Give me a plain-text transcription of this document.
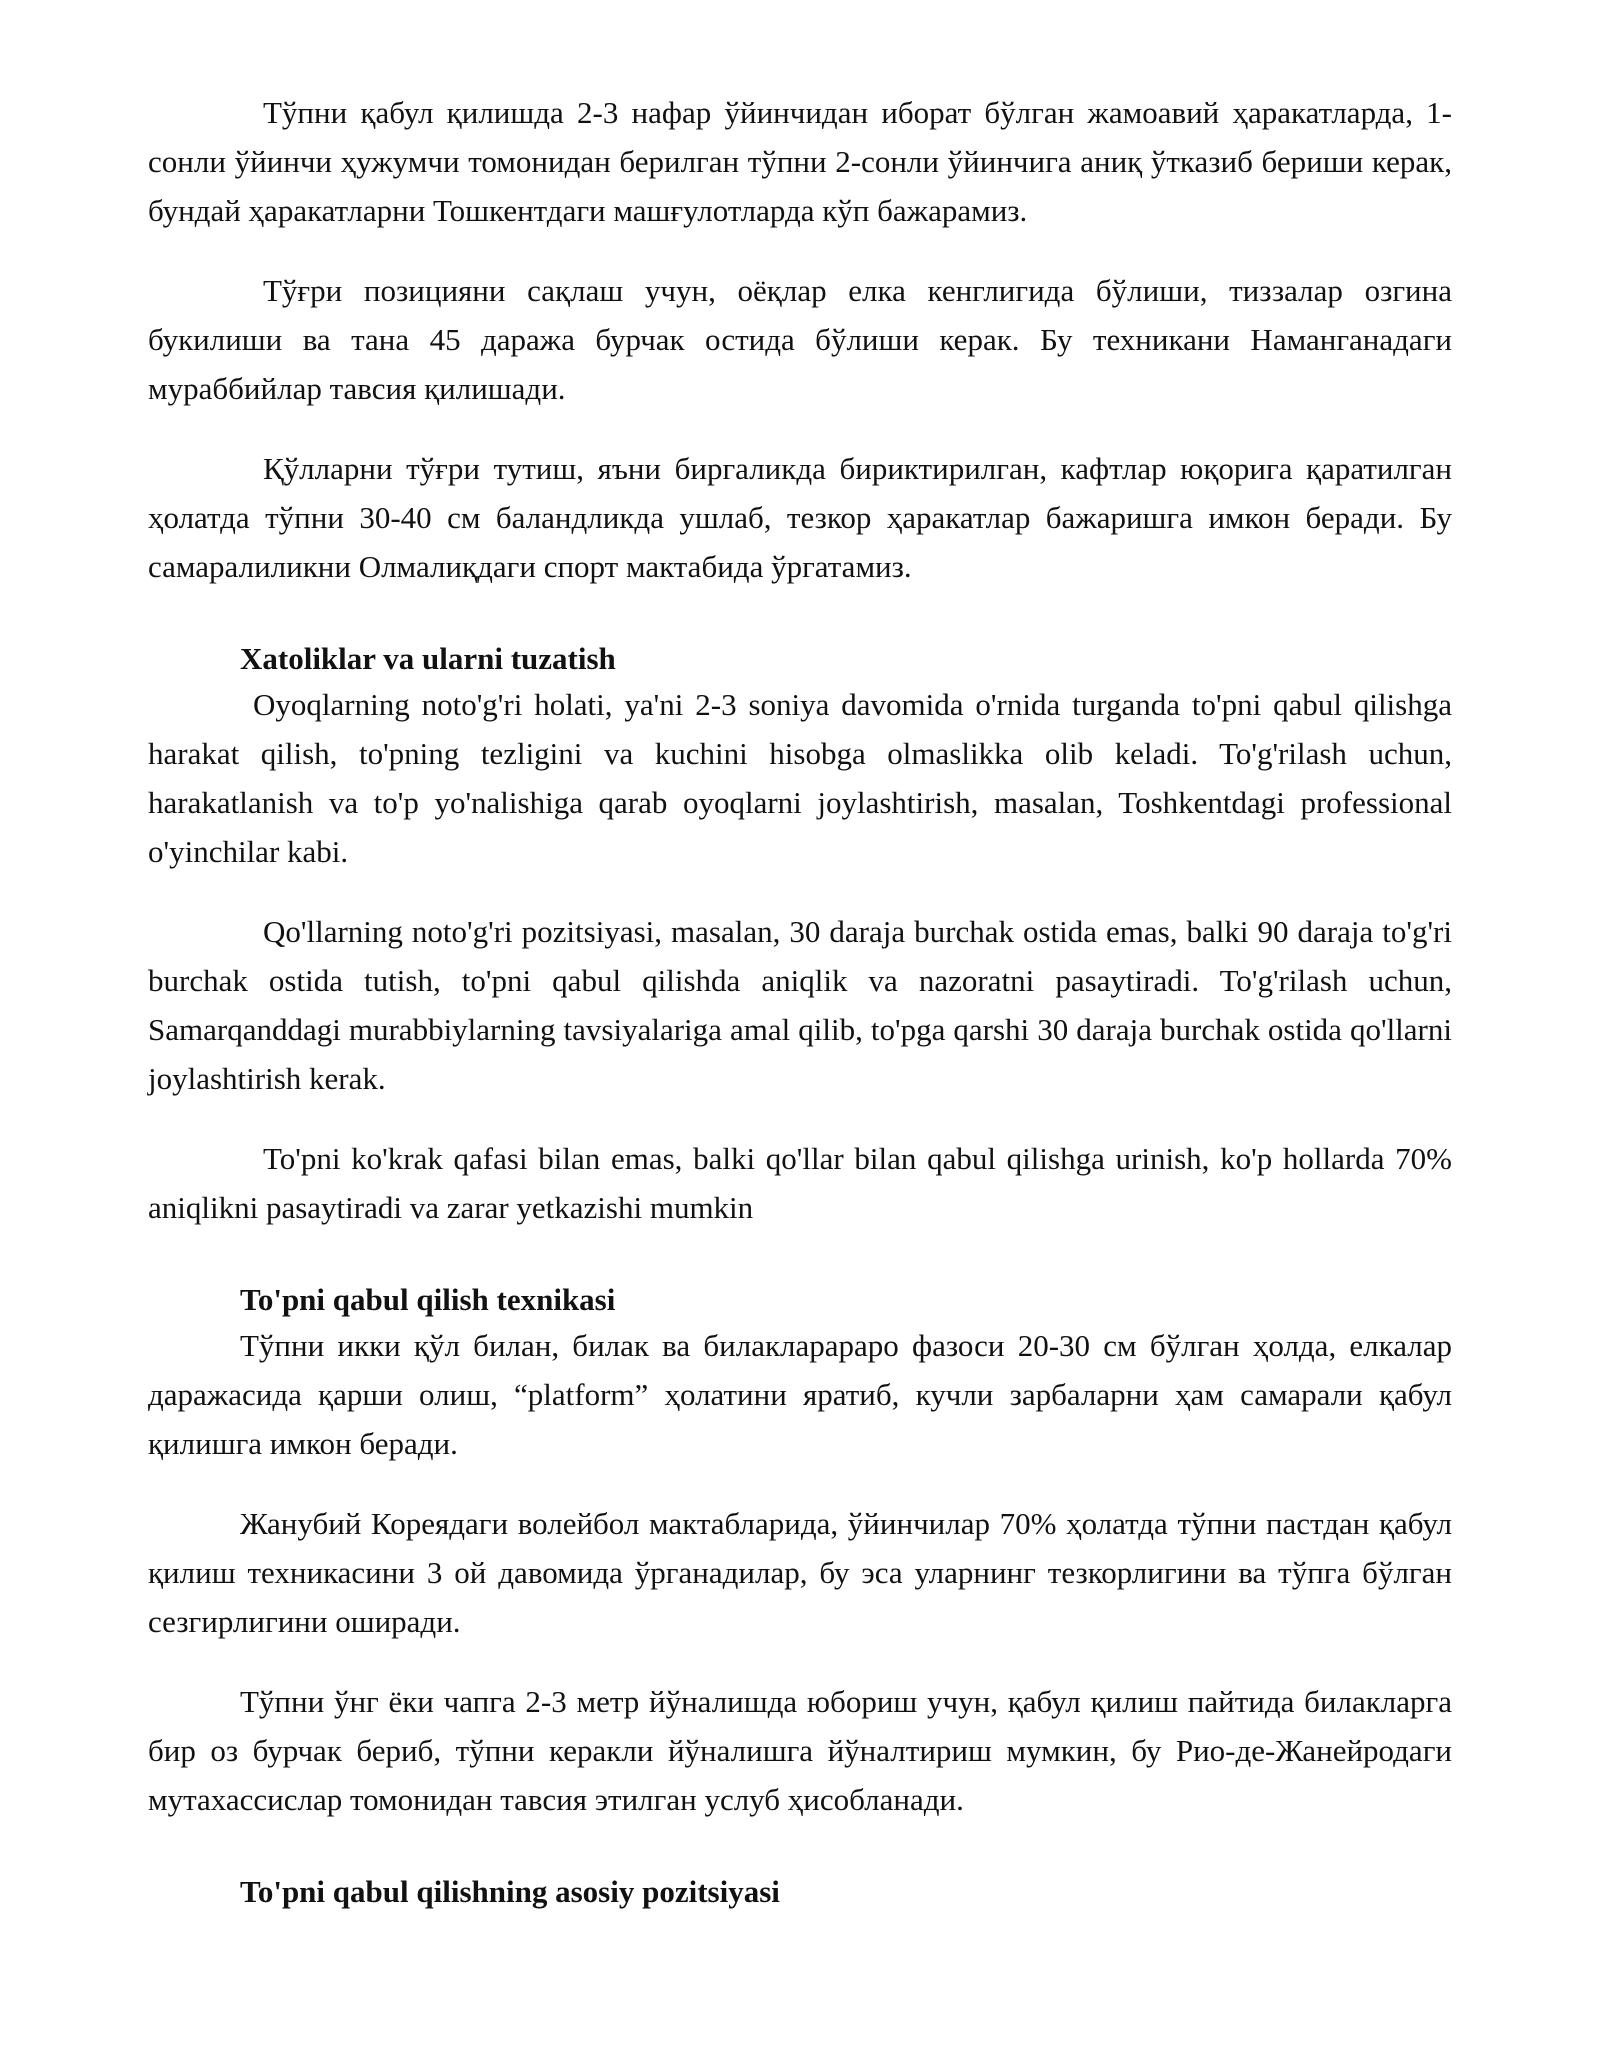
Тўпни қабул қилишда 2-3 нафар ўйинчидан иборат бўлган жамоавий ҳаракатларда, 1-сонли ўйинчи ҳужумчи томонидан берилган тўпни 2-сонли ўйинчига аниқ ўтказиб бериши керак, бундай ҳаракатларни Тошкентдаги машғулотларда кўп бажарамиз.

Тўғри позицияни сақлаш учун, оёқлар елка кенглигида бўлиши, тиззалар озгина букилиши ва тана 45 даража бурчак остида бўлиши керак. Бу техникани Наманганадаги мураббийлар тавсия қилишади.

Қўлларни тўғри тутиш, яъни биргаликда бириктирилган, кафтлар юқорига қаратилган ҳолатда тўпни 30-40 см баландликда ушлаб, тезкор ҳаракатлар бажаришга имкон беради. Бу самаралиликни Олмалиқдаги спорт мактабида ўргатамиз.

Xatoliklar va ularni tuzatish

Oyoqlarning noto'g'ri holati, ya'ni 2-3 soniya davomida o'rnida turganda to'pni qabul qilishga harakat qilish, to'pning tezligini va kuchini hisobga olmaslikka olib keladi. To'g'rilash uchun, harakatlanish va to'p yo'nalishiga qarab oyoqlarni joylashtirish, masalan, Toshkentdagi professional o'yinchilar kabi.

Qo'llarning noto'g'ri pozitsiyasi, masalan, 30 daraja burchak ostida emas, balki 90 daraja to'g'ri burchak ostida tutish, to'pni qabul qilishda aniqlik va nazoratni pasaytiradi. To'g'rilash uchun, Samarqanddagi murabbiylarning tavsiyalariga amal qilib, to'pga qarshi 30 daraja burchak ostida qo'llarni joylashtirish kerak.

To'pni ko'krak qafasi bilan emas, balki qo'llar bilan qabul qilishga urinish, ko'p hollarda 70% aniqlikni pasaytiradi va zarar yetkazishi mumkin

To'pni qabul qilish texnikasi

Тўпни икки қўл билан, билак ва билакларараро фазоси 20-30 см бўлган ҳолда, елкалар даражасида қарши олиш, “platform” ҳолатини яратиб, кучли зарбаларни ҳам самарали қабул қилишга имкон беради.

Жанубий Кореядаги волейбол мактабларида, ўйинчилар 70% ҳолатда тўпни пастдан қабул қилиш техникасини 3 ой давомида ўрганадилар, бу эса уларнинг тезкорлигини ва тўпга бўлган сезгирлигини оширади.

Тўпни ўнг ёки чапга 2-3 метр йўналишда юбориш учун, қабул қилиш пайтида билакларга бир оз бурчак бериб, тўпни керакли йўналишга йўналтириш мумкин, бу Рио-де-Жанейродаги мутахассислар томонидан тавсия этилган услуб ҳисобланади.

To'pni qabul qilishning asosiy pozitsiyasi
